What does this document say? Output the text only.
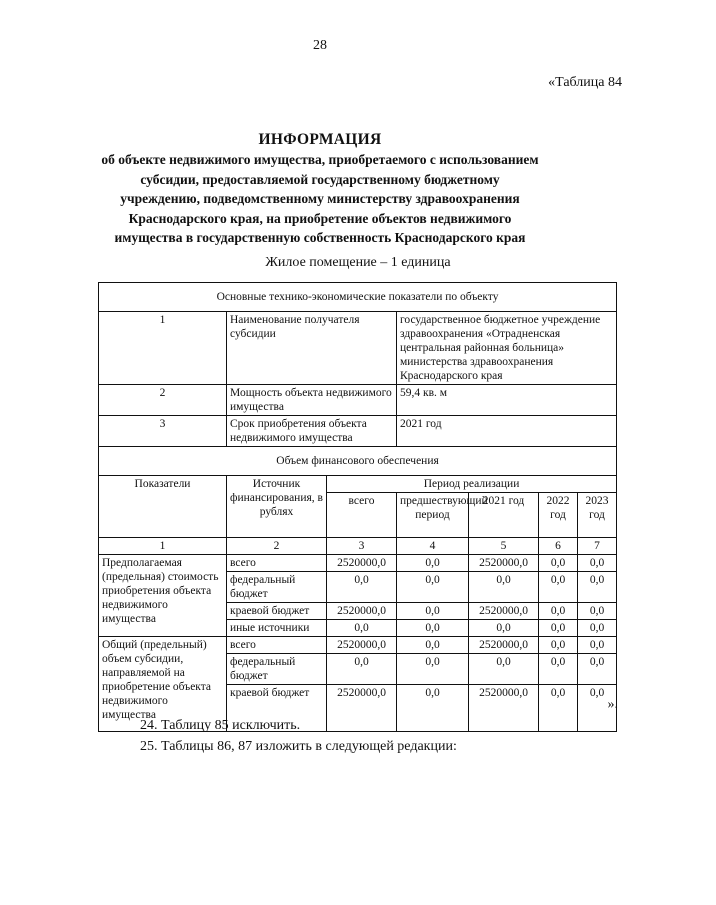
28
«Таблица 84
ИНФОРМАЦИЯ
об объекте недвижимого имущества, приобретаемого с использованием субсидии, предоставляемой государственному бюджетному учреждению, подведомственному министерству здравоохранения Краснодарского края, на приобретение объектов недвижимого имущества в государственную собственность Краснодарского края
Жилое помещение – 1 единица
Основные технико-экономические показатели по объекту						
1	Наименование получателя субсидии		государственное бюджетное учреждение здравоохранения «Отрадненская центральная районная больница» министерства здравоохранения Краснодарского края			
2	Мощность объекта недвижимого имущества		59,4 кв. м			
3	Срок приобретения объекта недвижимого имущества		2021 год			
Объем финансового обеспечения						
Показатели	Источник финансирования, в рублях	Период реализации				
		всего	предшествующий период	2021 год	2022 год	2023 год
1	2	3	4	5	6	7
Предполагаемая (предельная) стоимость приобретения объекта недвижимого имущества	всего	2520000,0	0,0	2520000,0	0,0	0,0
	федеральный бюджет	0,0	0,0	0,0	0,0	0,0
	краевой бюджет	2520000,0	0,0	2520000,0	0,0	0,0
	иные источники	0,0	0,0	0,0	0,0	0,0
Общий (предельный) объем субсидии, направляемой на приобретение объекта недвижимого имущества	всего	2520000,0	0,0	2520000,0	0,0	0,0
	федеральный бюджет	0,0	0,0	0,0	0,0	0,0
	краевой бюджет	2520000,0	0,0	2520000,0	0,0	0,0
».
24. Таблицу 85 исключить.
25. Таблицы 86, 87 изложить в следующей редакции:
